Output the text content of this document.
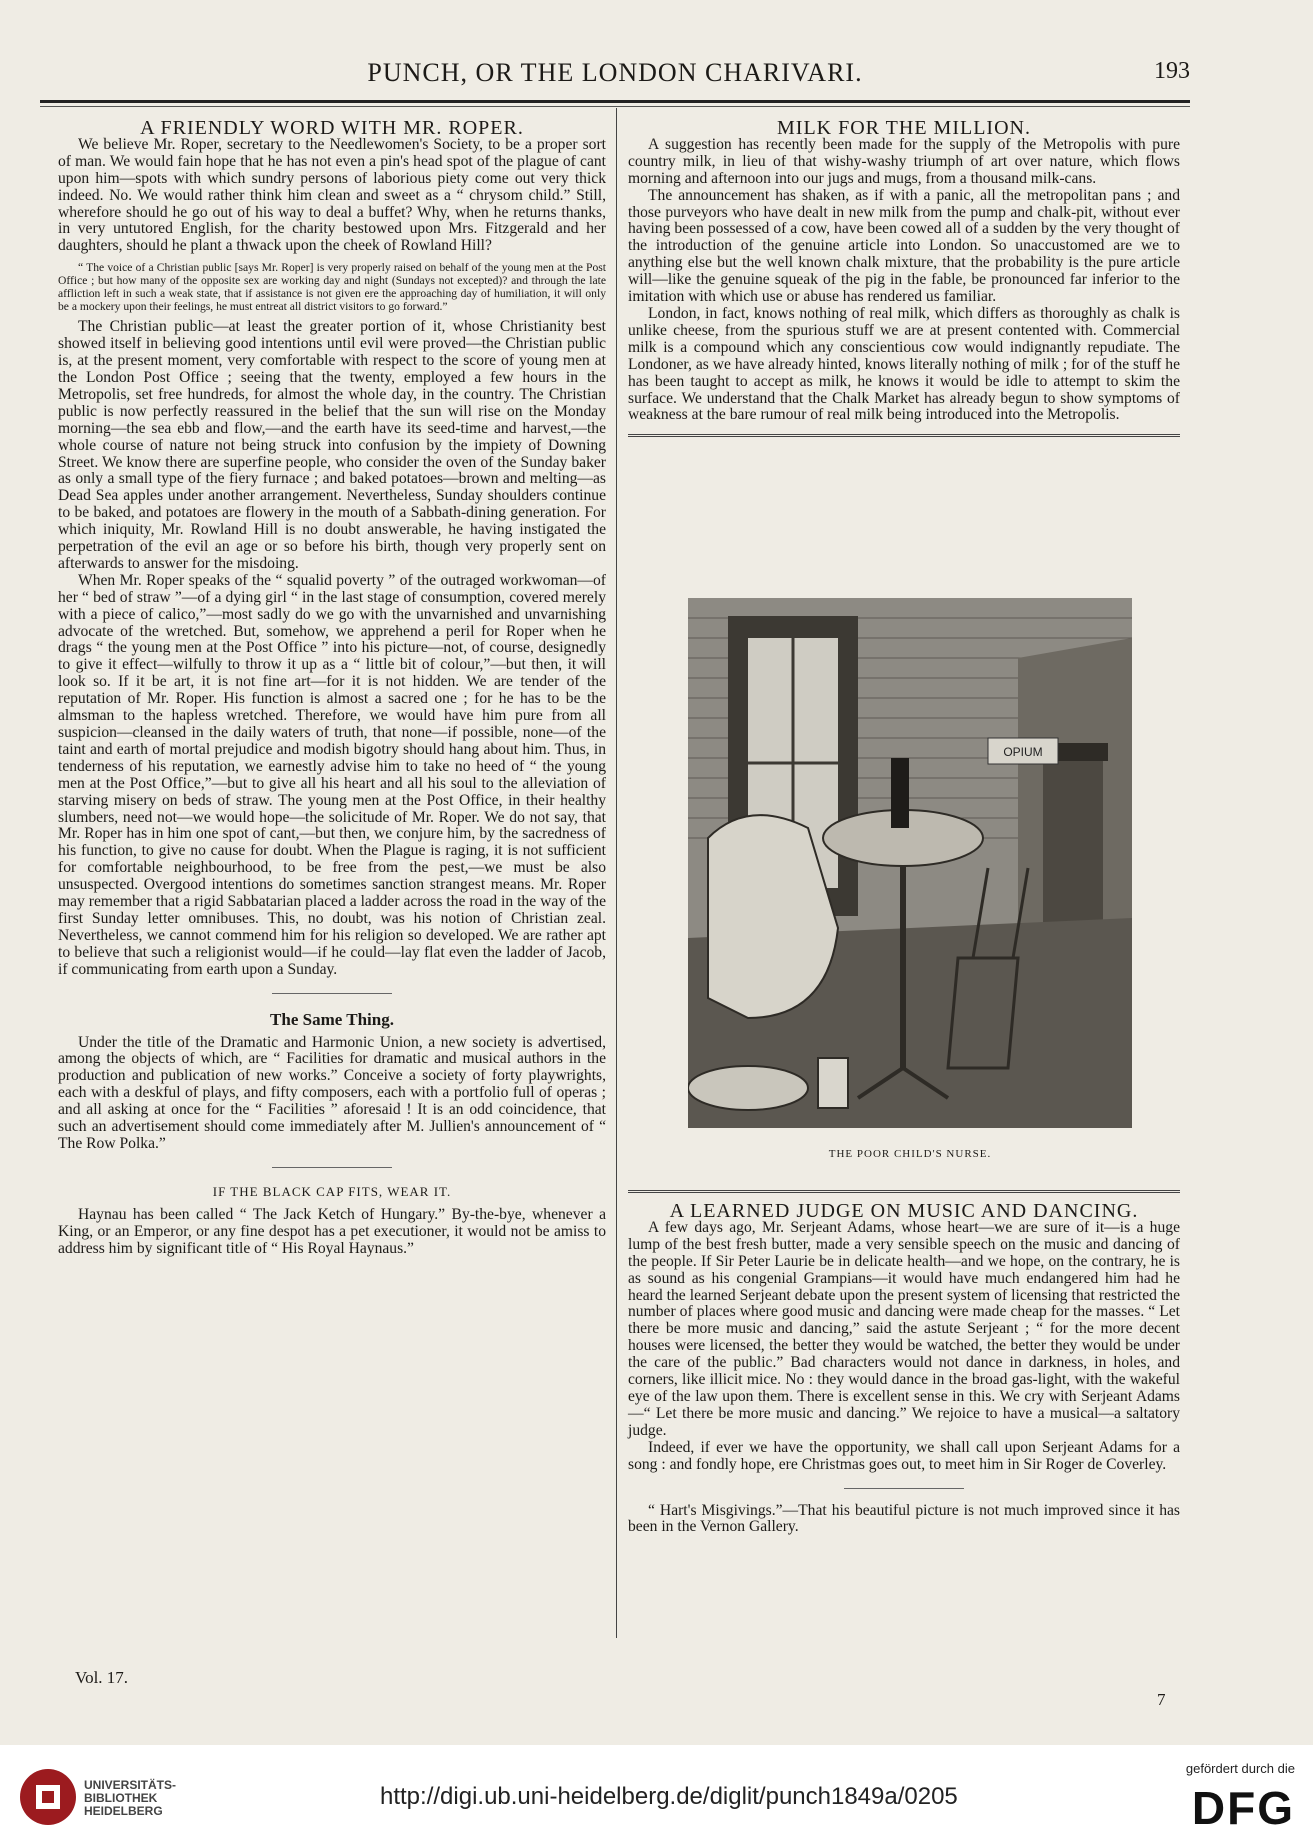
PUNCH, OR THE LONDON CHARIVARI.	193

A FRIENDLY WORD WITH MR. ROPER.

We believe Mr. Roper, secretary to the Needlewomen's Society, to be a proper sort of man. We would fain hope that he has not even a pin's head spot of the plague of cant upon him—spots with which sundry persons of laborious piety come out very thick indeed. No. We would rather think him clean and sweet as a “ chrysom child.” Still, wherefore should he go out of his way to deal a buffet? Why, when he returns thanks, in very untutored English, for the charity bestowed upon Mrs. Fitzgerald and her daughters, should he plant a thwack upon the cheek of Rowland Hill?

“ The voice of a Christian public [says Mr. Roper] is very properly raised on behalf of the young men at the Post Office ; but how many of the opposite sex are working day and night (Sundays not excepted)? and through the late affliction left in such a weak state, that if assistance is not given ere the approaching day of humiliation, it will only be a mockery upon their feelings, he must entreat all district visitors to go forward.”

The Christian public—at least the greater portion of it, whose Christianity best showed itself in believing good intentions until evil were proved—the Christian public is, at the present moment, very comfortable with respect to the score of young men at the London Post Office ; seeing that the twenty, employed a few hours in the Metropolis, set free hundreds, for almost the whole day, in the country. The Christian public is now perfectly reassured in the belief that the sun will rise on the Monday morning—the sea ebb and flow,—and the earth have its seed-time and harvest,—the whole course of nature not being struck into confusion by the impiety of Downing Street. We know there are superfine people, who consider the oven of the Sunday baker as only a small type of the fiery furnace ; and baked potatoes—brown and melting—as Dead Sea apples under another arrangement. Nevertheless, Sunday shoulders continue to be baked, and potatoes are flowery in the mouth of a Sabbath-dining generation. For which iniquity, Mr. Rowland Hill is no doubt answerable, he having instigated the perpetration of the evil an age or so before his birth, though very properly sent on afterwards to answer for the misdoing.

When Mr. Roper speaks of the “ squalid poverty ” of the outraged workwoman—of her “ bed of straw ”—of a dying girl “ in the last stage of consumption, covered merely with a piece of calico,”—most sadly do we go with the unvarnished and unvarnishing advocate of the wretched. But, somehow, we apprehend a peril for Roper when he drags “ the young men at the Post Office ” into his picture—not, of course, designedly to give it effect—wilfully to throw it up as a “ little bit of colour,”—but then, it will look so. If it be art, it is not fine art—for it is not hidden. We are tender of the reputation of Mr. Roper. His function is almost a sacred one ; for he has to be the almsman to the hapless wretched. Therefore, we would have him pure from all suspicion—cleansed in the daily waters of truth, that none—if possible, none—of the taint and earth of mortal prejudice and modish bigotry should hang about him. Thus, in tenderness of his reputation, we earnestly advise him to take no heed of “ the young men at the Post Office,”—but to give all his heart and all his soul to the alleviation of starving misery on beds of straw. The young men at the Post Office, in their healthy slumbers, need not—we would hope—the solicitude of Mr. Roper. We do not say, that Mr. Roper has in him one spot of cant,—but then, we conjure him, by the sacredness of his function, to give no cause for doubt. When the Plague is raging, it is not sufficient for comfortable neighbourhood, to be free from the pest,—we must be also unsuspected. Overgood intentions do sometimes sanction strangest means. Mr. Roper may remember that a rigid Sabbatarian placed a ladder across the road in the way of the first Sunday letter omnibuses. This, no doubt, was his notion of Christian zeal. Nevertheless, we cannot commend him for his religion so developed. We are rather apt to believe that such a religionist would—if he could—lay flat even the ladder of Jacob, if communicating from earth upon a Sunday.

The Same Thing.

Under the title of the Dramatic and Harmonic Union, a new society is advertised, among the objects of which, are “ Facilities for dramatic and musical authors in the production and publication of new works.” Conceive a society of forty playwrights, each with a deskful of plays, and fifty composers, each with a portfolio full of operas ; and all asking at once for the “ Facilities ” aforesaid ! It is an odd coincidence, that such an advertisement should come immediately after M. Jullien's announcement of “ The Row Polka.”

IF THE BLACK CAP FITS, WEAR IT.

Haynau has been called “ The Jack Ketch of Hungary.” By-the-bye, whenever a King, or an Emperor, or any fine despot has a pet executioner, it would not be amiss to address him by significant title of “ His Royal Haynaus.”

MILK FOR THE MILLION.

A suggestion has recently been made for the supply of the Metropolis with pure country milk, in lieu of that wishy-washy triumph of art over nature, which flows morning and afternoon into our jugs and mugs, from a thousand milk-cans.

The announcement has shaken, as if with a panic, all the metropolitan pans ; and those purveyors who have dealt in new milk from the pump and chalk-pit, without ever having been possessed of a cow, have been cowed all of a sudden by the very thought of the introduction of the genuine article into London. So unaccustomed are we to anything else but the well known chalk mixture, that the probability is the pure article will—like the genuine squeak of the pig in the fable, be pronounced far inferior to the imitation with which use or abuse has rendered us familiar.

London, in fact, knows nothing of real milk, which differs as thoroughly as chalk is unlike cheese, from the spurious stuff we are at present contented with. Commercial milk is a compound which any conscientious cow would indignantly repudiate. The Londoner, as we have already hinted, knows literally nothing of milk ; for of the stuff he has been taught to accept as milk, he knows it would be idle to attempt to skim the surface. We understand that the Chalk Market has already begun to show symptoms of weakness at the bare rumour of real milk being introduced into the Metropolis.

OPIUM
THE POOR CHILD'S NURSE.

A LEARNED JUDGE ON MUSIC AND DANCING.

A few days ago, Mr. Serjeant Adams, whose heart—we are sure of it—is a huge lump of the best fresh butter, made a very sensible speech on the music and dancing of the people. If Sir Peter Laurie be in delicate health—and we hope, on the contrary, he is as sound as his congenial Grampians—it would have much endangered him had he heard the learned Serjeant debate upon the present system of licensing that restricted the number of places where good music and dancing were made cheap for the masses. “ Let there be more music and dancing,” said the astute Serjeant ; “ for the more decent houses were licensed, the better they would be watched, the better they would be under the care of the public.” Bad characters would not dance in darkness, in holes, and corners, like illicit mice. No : they would dance in the broad gas-light, with the wakeful eye of the law upon them. There is excellent sense in this. We cry with Serjeant Adams—“ Let there be more music and dancing.” We rejoice to have a musical—a saltatory judge.

Indeed, if ever we have the opportunity, we shall call upon Serjeant Adams for a song : and fondly hope, ere Christmas goes out, to meet him in Sir Roger de Coverley.

“ Hart's Misgivings.”—That his beautiful picture is not much improved since it has been in the Vernon Gallery.

Vol. 17.
7
UNIVERSITÄTS-
BIBLIOTHEK
HEIDELBERG
http://digi.ub.uni-heidelberg.de/diglit/punch1849a/0205
gefördert durch die
DFG
